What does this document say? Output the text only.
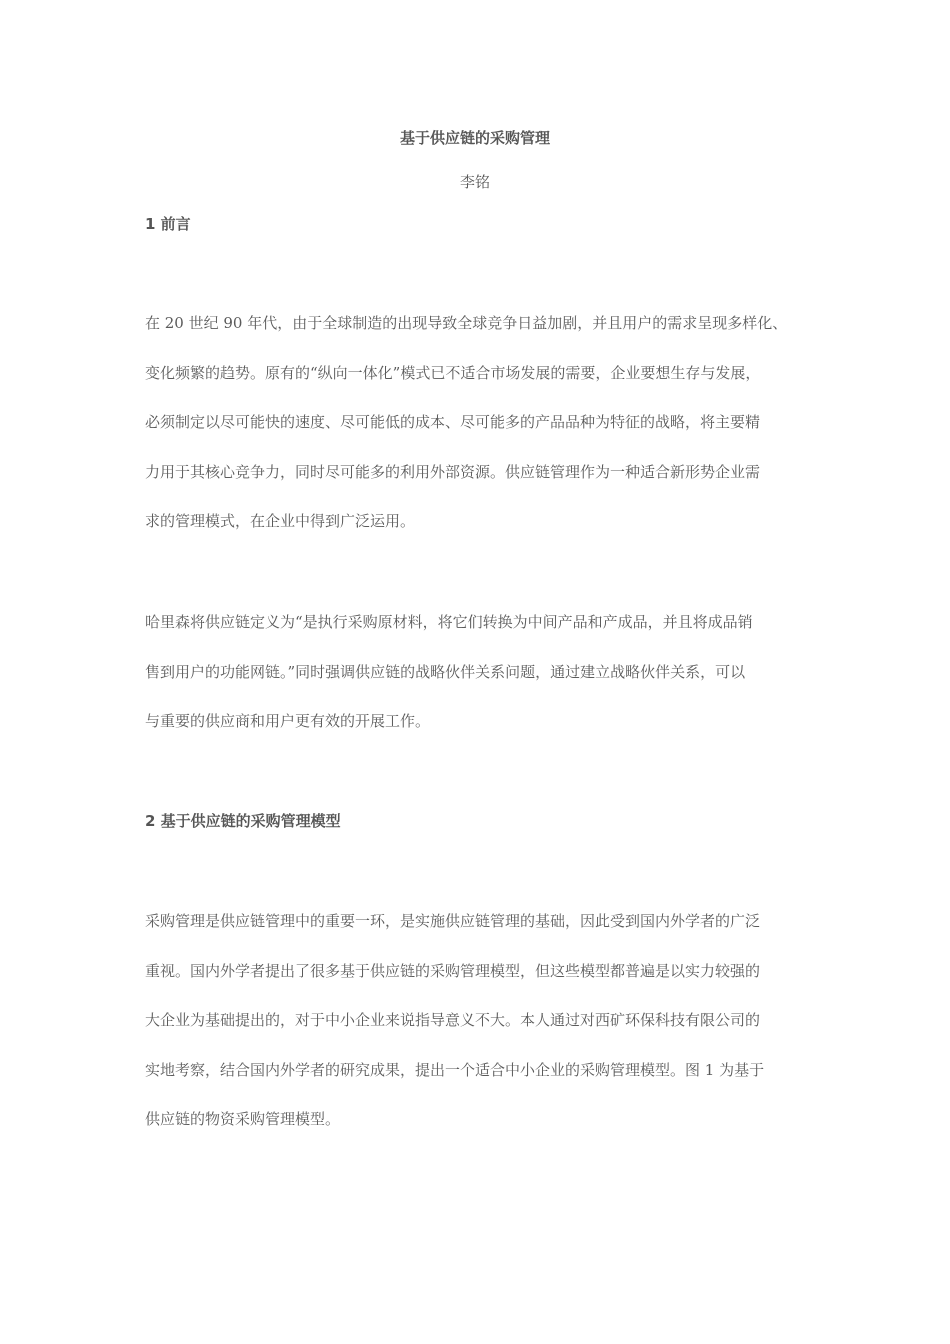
基于供应链的采购管理
李铭
1 前言

在 20 世纪 90 年代，由于全球制造的出现导致全球竞争日益加剧，并且用户的需求呈现多样化、
变化频繁的趋势。原有的“纵向一体化”模式已不适合市场发展的需要，企业要想生存与发展，
必须制定以尽可能快的速度、尽可能低的成本、尽可能多的产品品种为特征的战略，将主要精
力用于其核心竞争力，同时尽可能多的利用外部资源。供应链管理作为一种适合新形势企业需
求的管理模式，在企业中得到广泛运用。

哈里森将供应链定义为“是执行采购原材料，将它们转换为中间产品和产成品，并且将成品销
售到用户的功能网链。”同时强调供应链的战略伙伴关系问题，通过建立战略伙伴关系，可以
与重要的供应商和用户更有效的开展工作。

2 基于供应链的采购管理模型

采购管理是供应链管理中的重要一环，是实施供应链管理的基础，因此受到国内外学者的广泛
重视。国内外学者提出了很多基于供应链的采购管理模型，但这些模型都普遍是以实力较强的
大企业为基础提出的，对于中小企业来说指导意义不大。本人通过对西矿环保科技有限公司的
实地考察，结合国内外学者的研究成果，提出一个适合中小企业的采购管理模型。图 1 为基于
供应链的物资采购管理模型。
